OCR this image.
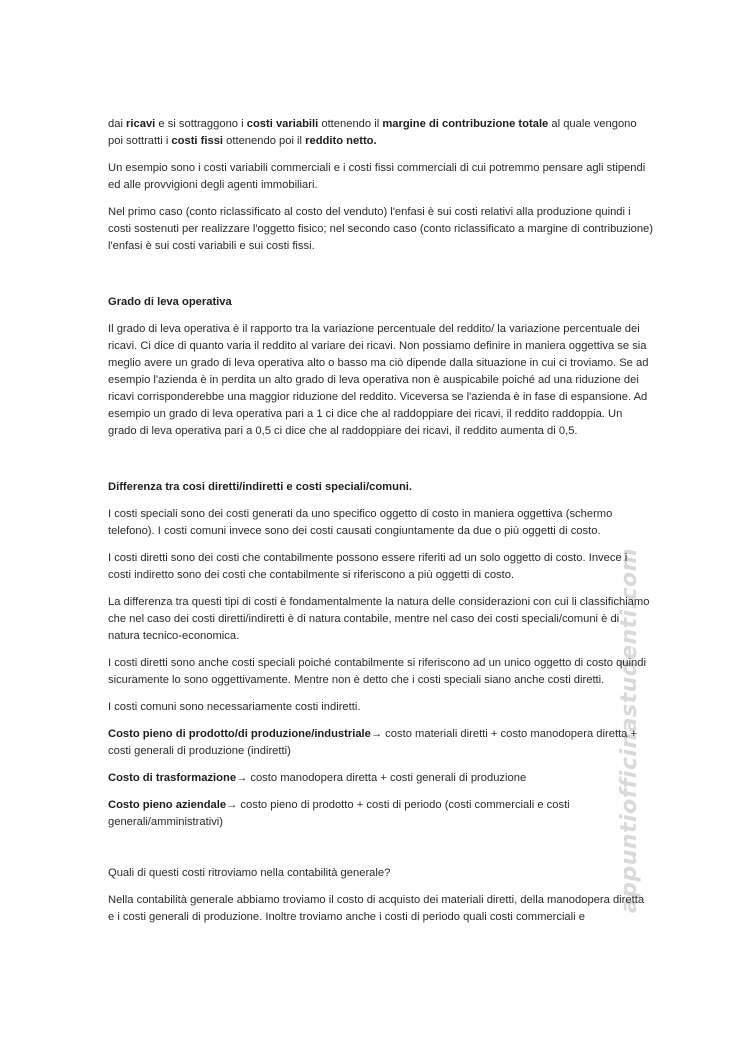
appuntiofficinastudenti.com

dai ricavi e si sottraggono i costi variabili ottenendo il margine di contribuzione totale al quale vengono poi sottratti i costi fissi ottenendo poi il reddito netto.

Un esempio sono i costi variabili commerciali e i costi fissi commerciali di cui potremmo pensare agli stipendi ed alle provvigioni degli agenti immobiliari.

Nel primo caso (conto riclassificato al costo del venduto) l'enfasi è sui costi relativi alla produzione quindi i costi sostenuti per realizzare l'oggetto fisico; nel secondo caso (conto riclassificato a margine di contribuzione) l'enfasi è sui costi variabili e sui costi fissi.

Grado di leva operativa

Il grado di leva operativa è il rapporto tra la variazione percentuale del reddito/ la variazione percentuale dei ricavi. Ci dice di quanto varia il reddito al variare dei ricavi. Non possiamo definire in maniera oggettiva se sia meglio avere un grado di leva operativa alto o basso ma ciò dipende dalla situazione in cui ci troviamo. Se ad esempio l'azienda è in perdita un alto grado di leva operativa non è auspicabile poiché ad una riduzione dei ricavi corrisponderebbe una maggior riduzione del reddito. Viceversa se l'azienda è in fase di espansione. Ad esempio un grado di leva operativa pari a 1 ci dice che al raddoppiare dei ricavi, il reddito raddoppia. Un grado di leva operativa pari a 0,5 ci dice che al raddoppiare dei ricavi, il reddito aumenta di 0,5.

Differenza tra cosi diretti/indiretti e costi speciali/comuni.

I costi speciali sono dei costi generati da uno specifico oggetto di costo in maniera oggettiva (schermo telefono). I costi comuni invece sono dei costi causati congiuntamente da due o più oggetti di costo.

I costi diretti sono dei costi che contabilmente possono essere riferiti ad un solo oggetto di costo. Invece i costi indiretto sono dei costi che contabilmente si riferiscono a più oggetti di costo.

La differenza tra questi tipi di costi è fondamentalmente la natura delle considerazioni con cui li classifichiamo che nel caso dei costi diretti/indiretti è di natura contabile, mentre nel caso dei costi speciali/comuni è di natura tecnico-economica.

I costi diretti sono anche costi speciali poiché contabilmente si riferiscono ad un unico oggetto di costo quindi sicuramente lo sono oggettivamente. Mentre non è detto che i costi speciali siano anche costi diretti.

I costi comuni sono necessariamente costi indiretti.

Costo pieno di prodotto/di produzione/industriale→ costo materiali diretti + costo manodopera diretta + costi generali di produzione (indiretti)

Costo di trasformazione→ costo manodopera diretta + costi generali di produzione

Costo pieno aziendale→ costo pieno di prodotto + costi di periodo (costi commerciali e costi generali/amministrativi)

Quali di questi costi ritroviamo nella contabilità generale?

Nella contabilità generale abbiamo troviamo il costo di acquisto dei materiali diretti, della manodopera diretta e i costi generali di produzione. Inoltre troviamo anche i costi di periodo quali costi commerciali e
